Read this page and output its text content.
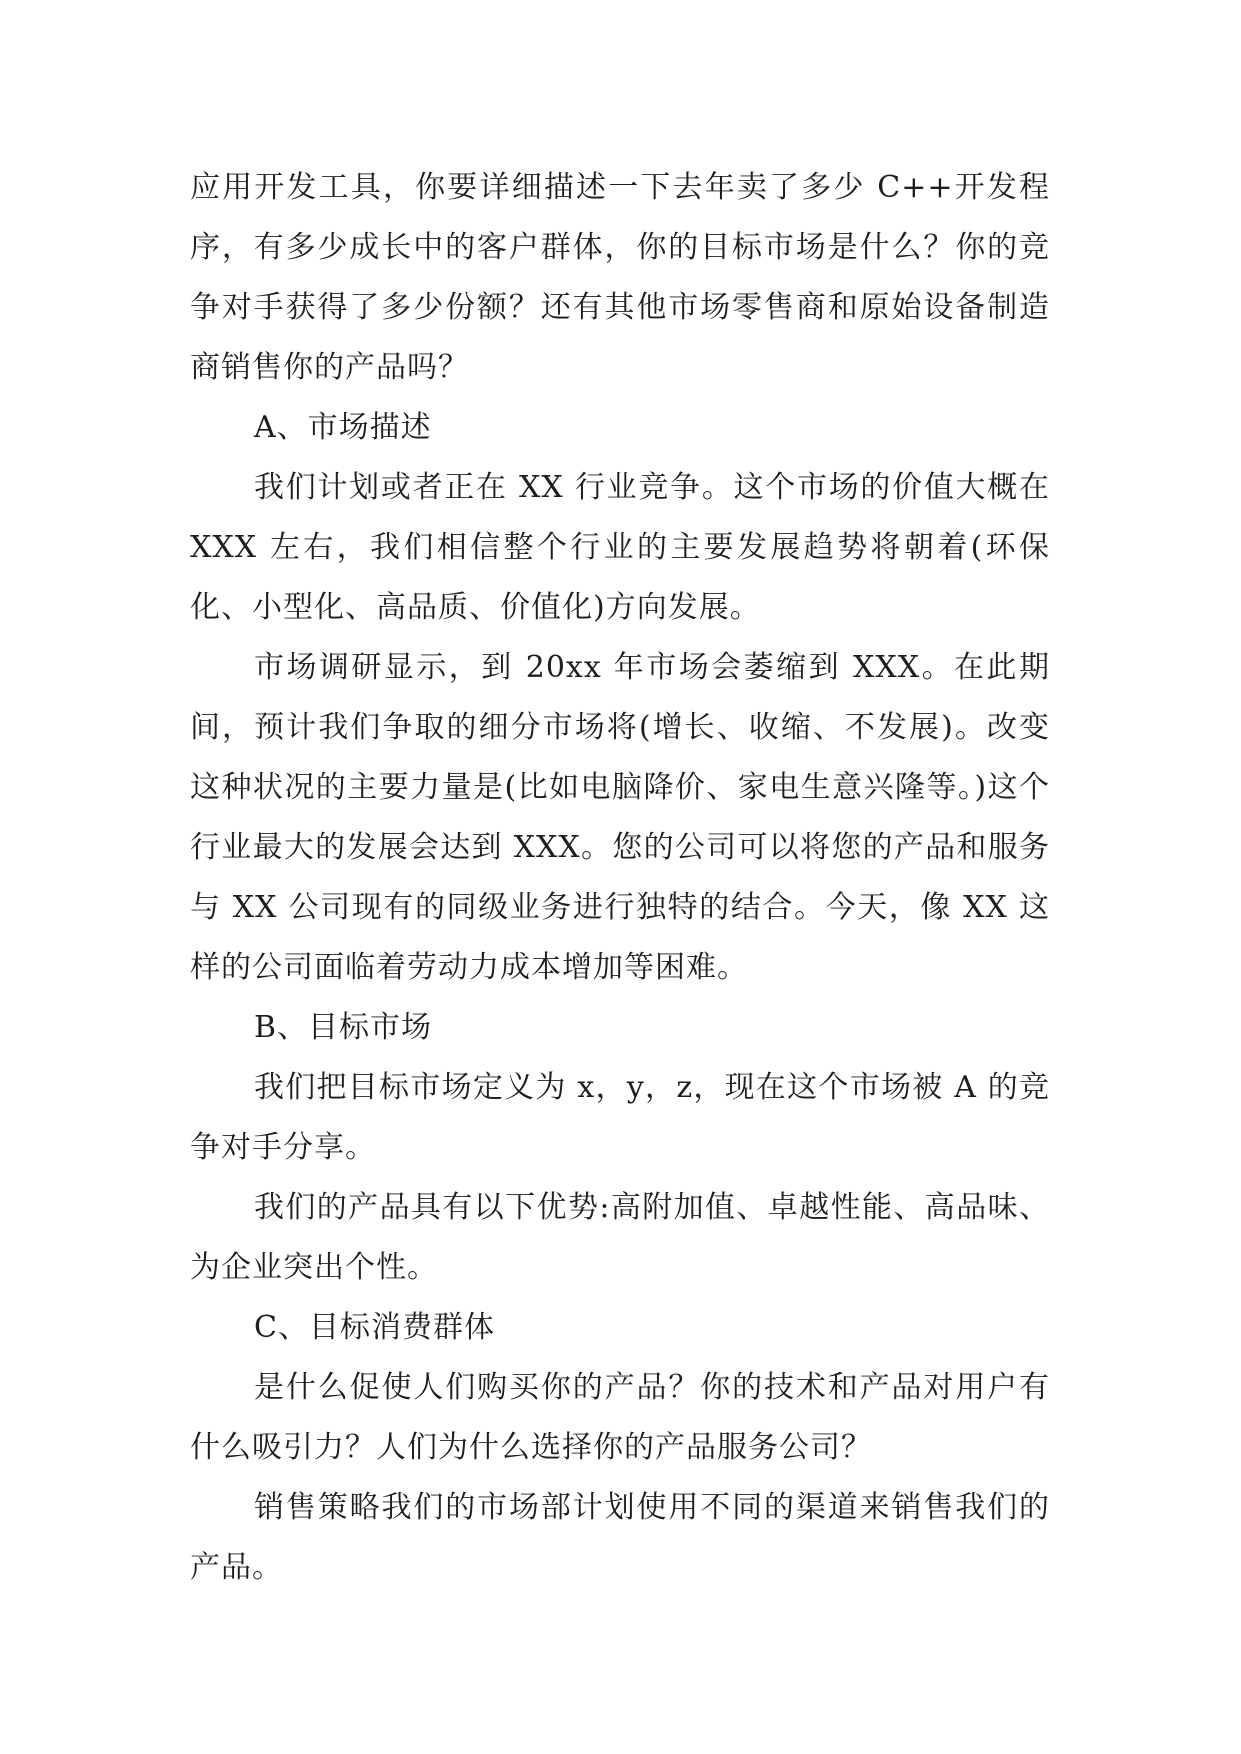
应用开发工具，你要详细描述一下去年卖了多少 C++开发程序，有多少成长中的客户群体，你的目标市场是什么？你的竞争对手获得了多少份额？还有其他市场零售商和原始设备制造商销售你的产品吗？

A、市场描述

我们计划或者正在 XX 行业竞争。这个市场的价值大概在 XXX 左右，我们相信整个行业的主要发展趋势将朝着(环保化、小型化、高品质、价值化)方向发展。

市场调研显示，到 20xx 年市场会萎缩到 XXX。在此期间，预计我们争取的细分市场将(增长、收缩、不发展)。改变这种状况的主要力量是(比如电脑降价、家电生意兴隆等。)这个行业最大的发展会达到 XXX。您的公司可以将您的产品和服务与 XX 公司现有的同级业务进行独特的结合。今天，像 XX 这样的公司面临着劳动力成本增加等困难。

B、目标市场

我们把目标市场定义为 x，y，z，现在这个市场被 A 的竞争对手分享。

我们的产品具有以下优势:高附加值、卓越性能、高品味、为企业突出个性。

C、目标消费群体

是什么促使人们购买你的产品？你的技术和产品对用户有什么吸引力？人们为什么选择你的产品服务公司？

销售策略我们的市场部计划使用不同的渠道来销售我们的产品。
